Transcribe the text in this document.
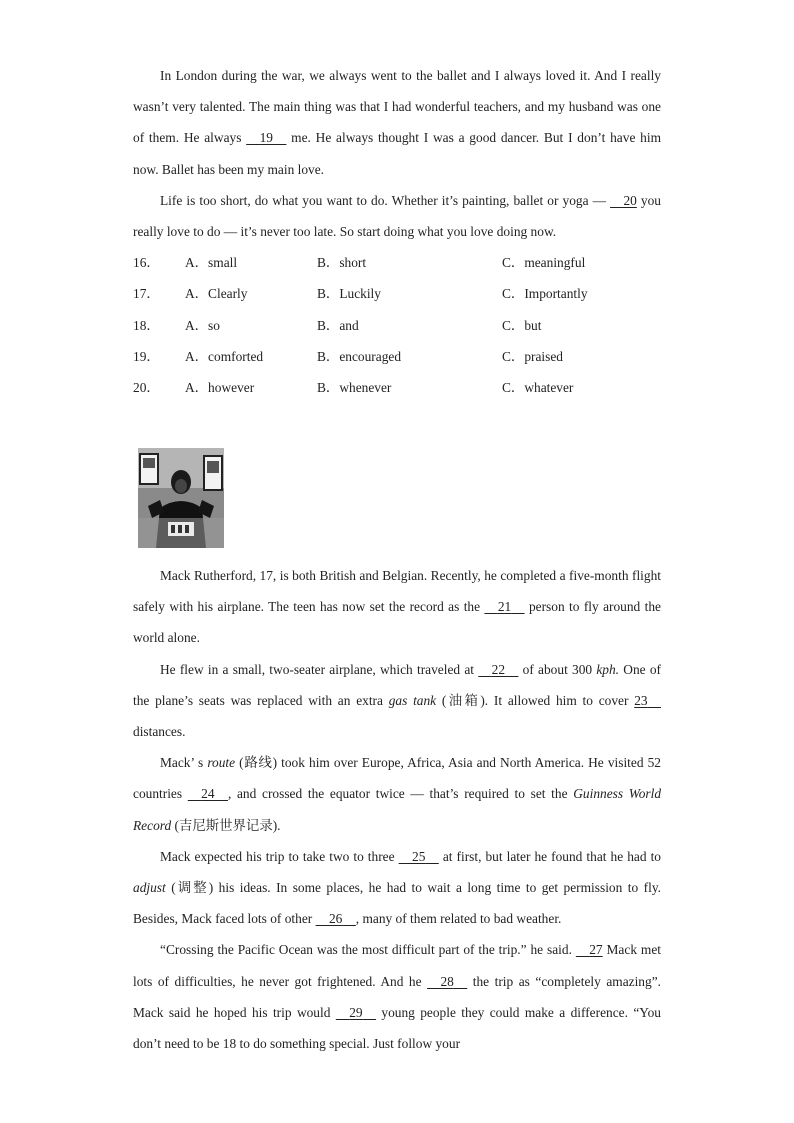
In London during the war, we always went to the ballet and I always loved it. And I really wasn’t very talented. The main thing was that I had wonderful teachers, and my husband was one of them. He always     19     me. He always thought I was a good dancer. But I don’t have him now. Ballet has been my main love.

Life is too short, do what you want to do. Whether it’s painting, ballet or yoga —     20 you really love to do — it’s never too late. So start doing what you love doing now.

16． A．small	B．short	C．meaningful
17． A．Clearly	B．Luckily	C．Importantly
18． A．so	B．and	C．but
19． A．comforted	B．encouraged	C．praised
20． A．however	B．whenever	C．whatever

Mack Rutherford, 17, is both British and Belgian. Recently, he completed a five-month flight safely with his airplane. The teen has now set the record as the     21     person to fly around the world alone.

He flew in a small, two-seater airplane, which traveled at     22     of about 300 kph. One of the plane’s seats was replaced with an extra gas tank (油箱). It allowed him to cover 23     distances.

Mack’ s route (路线) took him over Europe, Africa, Asia and North America. He visited 52 countries     24 , and crossed the equator twice — that’s required to set the Guinness World Record (吉尼斯世界记录).

Mack expected his trip to take two to three     25     at first, but later he found that he had to adjust (调整) his ideas. In some places, he had to wait a long time to get permission to fly. Besides, Mack faced lots of other     26 , many of them related to bad weather.

“Crossing the Pacific Ocean was the most difficult part of the trip.” he said.     27 Mack met lots of difficulties, he never got frightened. And he     28     the trip as “completely amazing”. Mack said he hoped his trip would     29     young people they could make a difference. “You don’t need to be 18 to do something special. Just follow your
